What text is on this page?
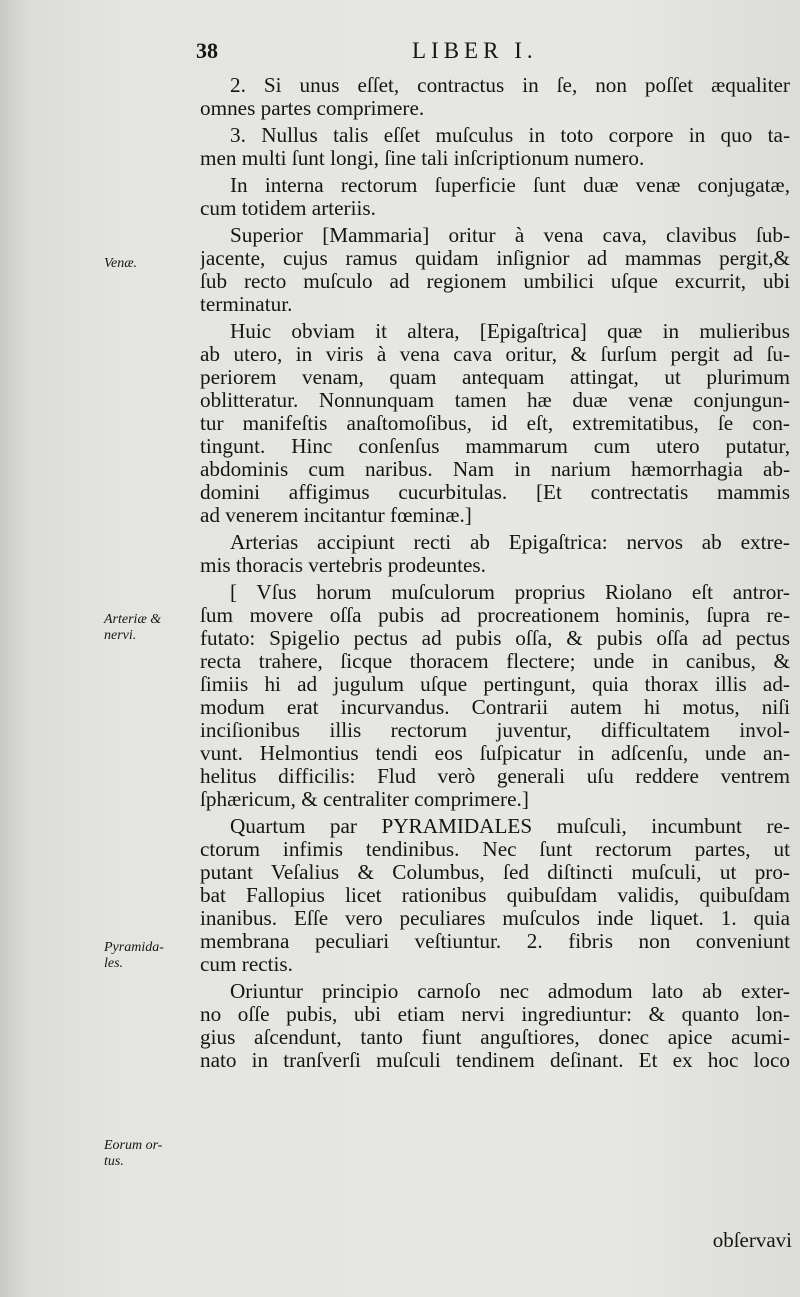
38	LIBER I.
Venæ.
Arteriæ &
nervi.
Pyramida-
les.
Eorum or-
tus.
2. Si unus eſſet, contractus in ſe, non poſſet æqualiter
omnes partes comprimere.
3. Nullus talis eſſet muſculus in toto corpore in quo ta-
men multi ſunt longi, ſine tali inſcriptionum numero.
In interna rectorum ſuperficie ſunt duæ venæ conjugatæ,
cum totidem arteriis.
Superior [Mammaria] oritur à vena cava, clavibus ſub-
jacente, cujus ramus quidam inſignior ad mammas pergit,&
ſub recto muſculo ad regionem umbilici uſque excurrit, ubi
terminatur.
Huic obviam it altera, [Epigaſtrica] quæ in mulieribus
ab utero, in viris à vena cava oritur, & ſurſum pergit ad ſu-
periorem venam, quam antequam attingat, ut plurimum
oblitteratur. Nonnunquam tamen hæ duæ venæ conjungun-
tur manifeſtis anaſtomoſibus, id eſt, extremitatibus, ſe con-
tingunt. Hinc conſenſus mammarum cum utero putatur,
abdominis cum naribus. Nam in narium hæmorrhagia ab-
domini affigimus cucurbitulas. [Et contrectatis mammis
ad venerem incitantur fœminæ.]
Arterias accipiunt recti ab Epigaſtrica: nervos ab extre-
mis thoracis vertebris prodeuntes.
[ Vſus horum muſculorum proprius Riolano eſt antror-
ſum movere oſſa pubis ad procreationem hominis, ſupra re-
futato: Spigelio pectus ad pubis oſſa, & pubis oſſa ad pectus
recta trahere, ſicque thoracem flectere; unde in canibus, &
ſimiis hi ad jugulum uſque pertingunt, quia thorax illis ad-
modum erat incurvandus. Contrarii autem hi motus, niſi
inciſionibus illis rectorum juventur, difficultatem invol-
vunt. Helmontius tendi eos ſuſpicatur in adſcenſu, unde an-
helitus difficilis: Flud verò generali uſu reddere ventrem
ſphæricum, & centraliter comprimere.]
Quartum par PYRAMIDALES muſculi, incumbunt re-
ctorum infimis tendinibus. Nec ſunt rectorum partes, ut
putant Veſalius & Columbus, ſed diſtincti muſculi, ut pro-
bat Fallopius licet rationibus quibuſdam validis, quibuſdam
inanibus. Eſſe vero peculiares muſculos inde liquet. 1. quia
membrana peculiari veſtiuntur. 2. fibris non conveniunt
cum rectis.
Oriuntur principio carnoſo nec admodum lato ab exter-
no oſſe pubis, ubi etiam nervi ingrediuntur: & quanto lon-
gius aſcendunt, tanto fiunt anguſtiores, donec apice acumi-
nato in tranſverſi muſculi tendinem deſinant. Et ex hoc loco
obſervavi
